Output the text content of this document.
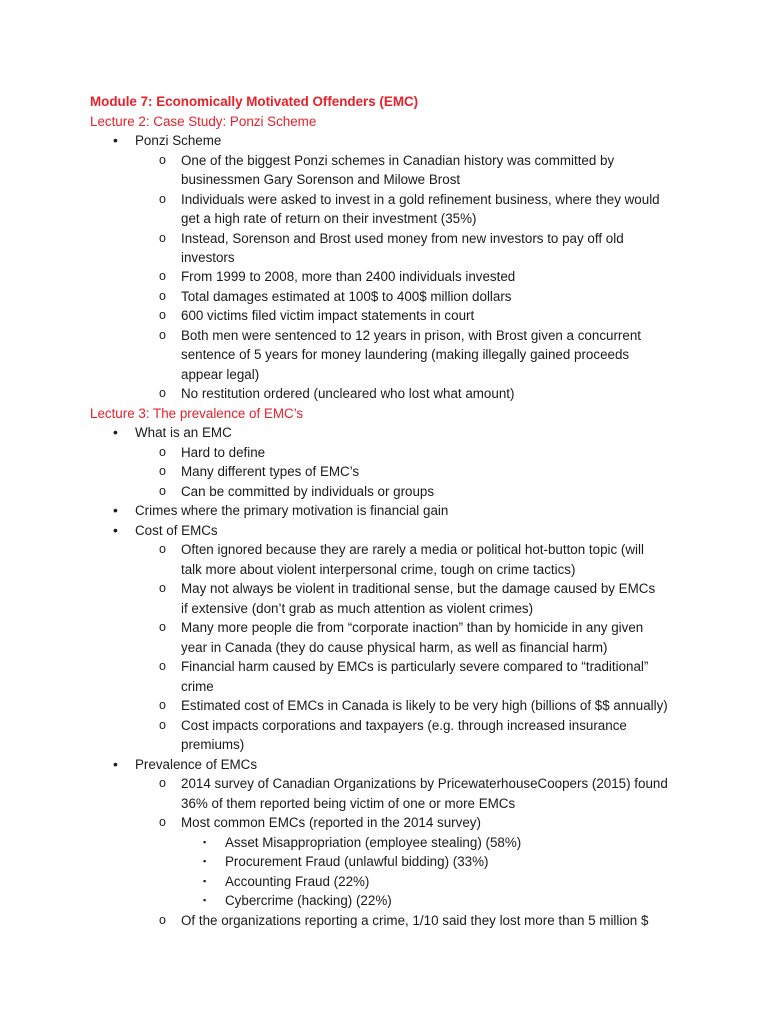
Module 7: Economically Motivated Offenders (EMC)
Lecture 2: Case Study: Ponzi Scheme
• Ponzi Scheme
o One of the biggest Ponzi schemes in Canadian history was committed by
businessmen Gary Sorenson and Milowe Brost
o Individuals were asked to invest in a gold refinement business, where they would
get a high rate of return on their investment (35%)
o Instead, Sorenson and Brost used money from new investors to pay off old
investors
o From 1999 to 2008, more than 2400 individuals invested
o Total damages estimated at 100$ to 400$ million dollars
o 600 victims filed victim impact statements in court
o Both men were sentenced to 12 years in prison, with Brost given a concurrent
sentence of 5 years for money laundering (making illegally gained proceeds
appear legal)
o No restitution ordered (uncleared who lost what amount)
Lecture 3: The prevalence of EMC’s
• What is an EMC
o Hard to define
o Many different types of EMC’s
o Can be committed by individuals or groups
• Crimes where the primary motivation is financial gain
• Cost of EMCs
o Often ignored because they are rarely a media or political hot-button topic (will
talk more about violent interpersonal crime, tough on crime tactics)
o May not always be violent in traditional sense, but the damage caused by EMCs
if extensive (don’t grab as much attention as violent crimes)
o Many more people die from “corporate inaction” than by homicide in any given
year in Canada (they do cause physical harm, as well as financial harm)
o Financial harm caused by EMCs is particularly severe compared to “traditional”
crime
o Estimated cost of EMCs in Canada is likely to be very high (billions of $$ annually)
o Cost impacts corporations and taxpayers (e.g. through increased insurance
premiums)
• Prevalence of EMCs
o 2014 survey of Canadian Organizations by PricewaterhouseCoopers (2015) found
36% of them reported being victim of one or more EMCs
o Most common EMCs (reported in the 2014 survey)
▪ Asset Misappropriation (employee stealing) (58%)
▪ Procurement Fraud (unlawful bidding) (33%)
▪ Accounting Fraud (22%)
▪ Cybercrime (hacking) (22%)
o Of the organizations reporting a crime, 1/10 said they lost more than 5 million $
